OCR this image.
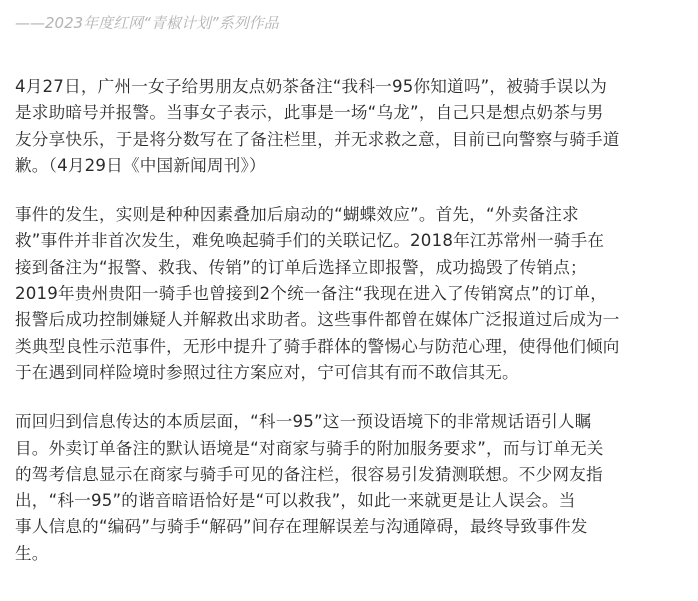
——2023年度红网“青椒计划”系列作品

4月27日，广州一女子给男朋友点奶茶备注“我科一95你知道吗”，被骑手误以为
是求助暗号并报警。当事女子表示，此事是一场“乌龙”，自己只是想点奶茶与男
友分享快乐，于是将分数写在了备注栏里，并无求救之意，目前已向警察与骑手道
歉。（4月29日《中国新闻周刊》）

事件的发生，实则是种种因素叠加后扇动的“蝴蝶效应”。首先，“外卖备注求
救”事件并非首次发生，难免唤起骑手们的关联记忆。2018年江苏常州一骑手在
接到备注为“报警、救我、传销”的订单后选择立即报警，成功捣毁了传销点；
2019年贵州贵阳一骑手也曾接到2个统一备注“我现在进入了传销窝点”的订单，
报警后成功控制嫌疑人并解救出求助者。这些事件都曾在媒体广泛报道过后成为一
类典型良性示范事件，无形中提升了骑手群体的警惕心与防范心理，使得他们倾向
于在遇到同样险境时参照过往方案应对，宁可信其有而不敢信其无。

而回归到信息传达的本质层面，“科一95”这一预设语境下的非常规话语引人瞩
目。外卖订单备注的默认语境是“对商家与骑手的附加服务要求”，而与订单无关
的驾考信息显示在商家与骑手可见的备注栏，很容易引发猜测联想。不少网友指
出，“科一95”的谐音暗语恰好是“可以救我”，如此一来就更是让人误会。当
事人信息的“编码”与骑手“解码”间存在理解误差与沟通障碍，最终导致事件发
生。
